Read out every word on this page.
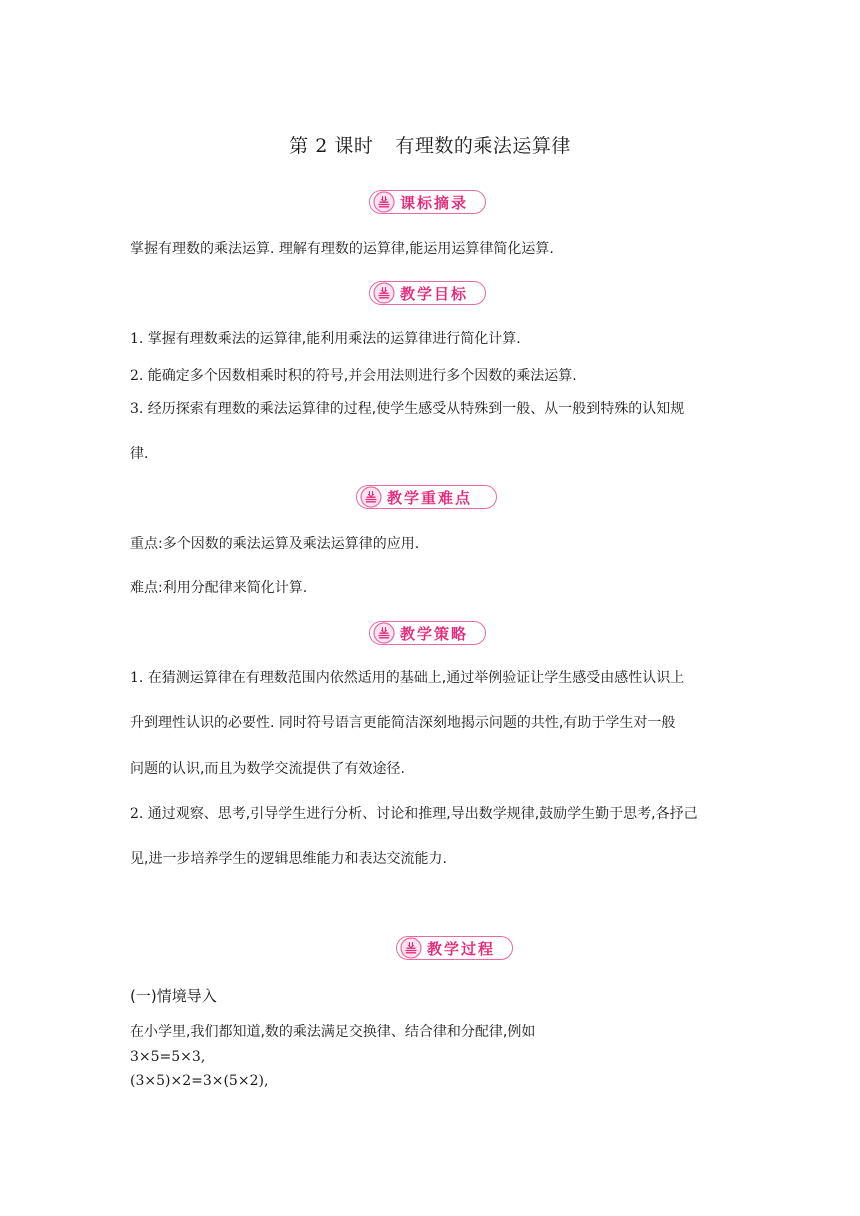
第 2 课时 有理数的乘法运算律
课标摘录
掌握有理数的乘法运算. 理解有理数的运算律,能运用运算律简化运算.
教学目标
1. 掌握有理数乘法的运算律,能利用乘法的运算律进行简化计算.
2. 能确定多个因数相乘时积的符号,并会用法则进行多个因数的乘法运算.
3. 经历探索有理数的乘法运算律的过程,使学生感受从特殊到一般、从一般到特殊的认知规
律.
教学重难点
重点:多个因数的乘法运算及乘法运算律的应用.
难点:利用分配律来简化计算.
教学策略
1. 在猜测运算律在有理数范围内依然适用的基础上,通过举例验证让学生感受由感性认识上
升到理性认识的必要性. 同时符号语言更能简洁深刻地揭示问题的共性,有助于学生对一般
问题的认识,而且为数学交流提供了有效途径.
2. 通过观察、思考,引导学生进行分析、讨论和推理,导出数学规律,鼓励学生勤于思考,各抒己
见,进一步培养学生的逻辑思维能力和表达交流能力.
教学过程
(一)情境导入
在小学里,我们都知道,数的乘法满足交换律、结合律和分配律,例如
3×5=5×3,
(3×5)×2=3×(5×2),
